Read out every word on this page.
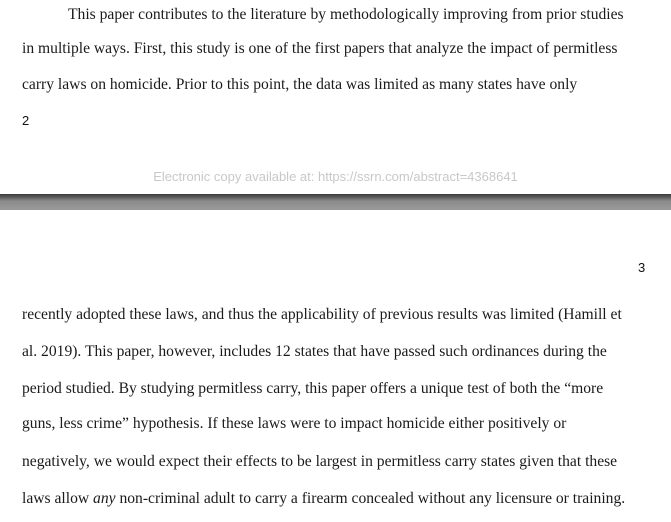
This paper contributes to the literature by methodologically improving from prior studies
in multiple ways. First, this study is one of the first papers that analyze the impact of permitless
carry laws on homicide. Prior to this point, the data was limited as many states have only
2
Electronic copy available at: https://ssrn.com/abstract=4368641
3
recently adopted these laws, and thus the applicability of previous results was limited (Hamill et
al. 2019). This paper, however, includes 12 states that have passed such ordinances during the
period studied. By studying permitless carry, this paper offers a unique test of both the “more
guns, less crime” hypothesis. If these laws were to impact homicide either positively or
negatively, we would expect their effects to be largest in permitless carry states given that these
laws allow any non-criminal adult to carry a firearm concealed without any licensure or training.
